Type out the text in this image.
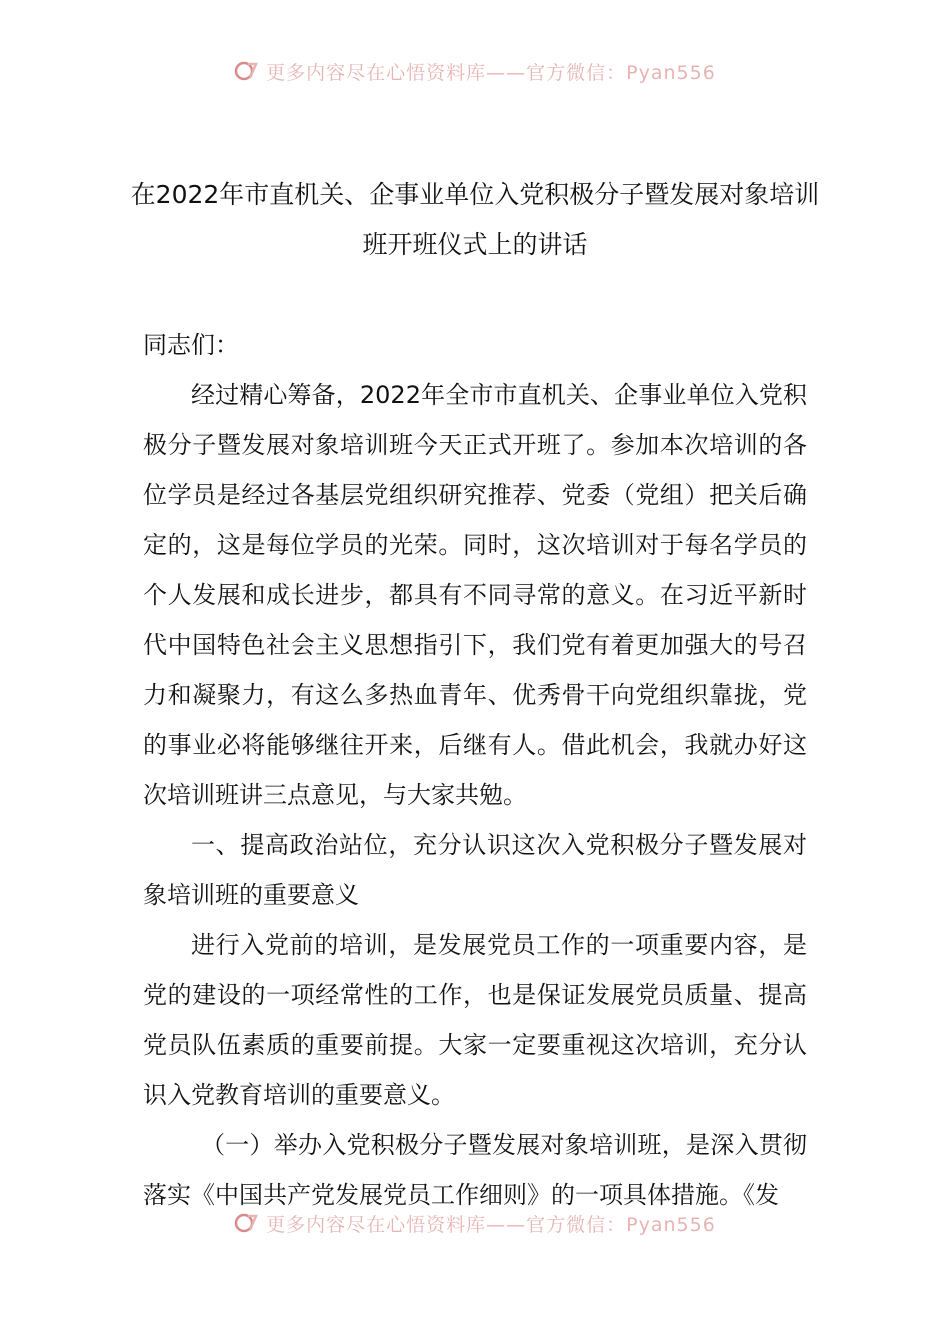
更多内容尽在心悟资料库——官方微信：Pyan556
在2022年市直机关、企事业单位入党积极分子暨发展对象培训班开班仪式上的讲话

同志们：

经过精心筹备，2022年全市市直机关、企事业单位入党积极分子暨发展对象培训班今天正式开班了。参加本次培训的各位学员是经过各基层党组织研究推荐、党委（党组）把关后确定的，这是每位学员的光荣。同时，这次培训对于每名学员的个人发展和成长进步，都具有不同寻常的意义。在习近平新时代中国特色社会主义思想指引下，我们党有着更加强大的号召力和凝聚力，有这么多热血青年、优秀骨干向党组织靠拢，党的事业必将能够继往开来，后继有人。借此机会，我就办好这次培训班讲三点意见，与大家共勉。

一、提高政治站位，充分认识这次入党积极分子暨发展对象培训班的重要意义

进行入党前的培训，是发展党员工作的一项重要内容，是党的建设的一项经常性的工作，也是保证发展党员质量、提高党员队伍素质的重要前提。大家一定要重视这次培训，充分认识入党教育培训的重要意义。

（一）举办入党积极分子暨发展对象培训班，是深入贯彻落实《中国共产党发展党员工作细则》的一项具体措施。《发

更多内容尽在心悟资料库——官方微信：Pyan556
